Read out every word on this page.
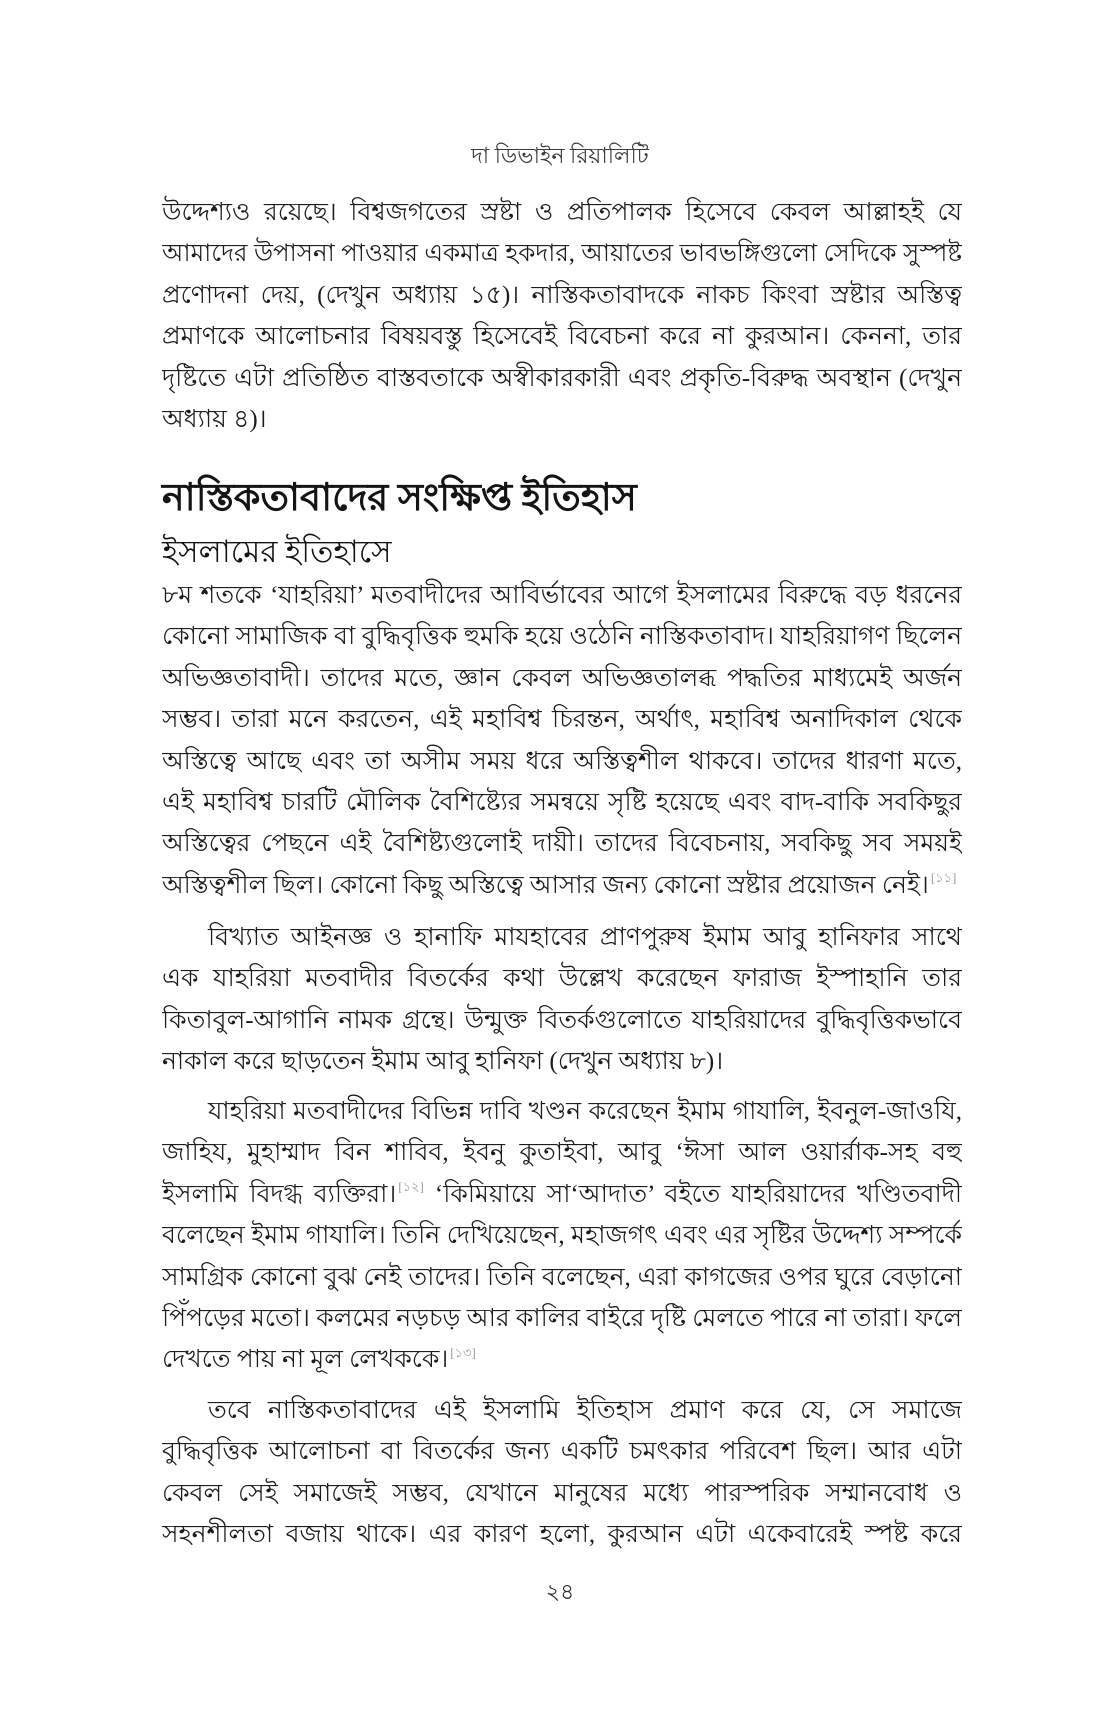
দা ডিভাইন রিয়ালিটি
উদ্দেশ্যও রয়েছে। বিশ্বজগতের স্রষ্টা ও প্রতিপালক হিসেবে কেবল আল্লাহই যে
আমাদের উপাসনা পাওয়ার একমাত্র হকদার, আয়াতের ভাবভঙ্গিগুলো সেদিকে সুস্পষ্ট
প্রণোদনা দেয়, (দেখুন অধ্যায় ১৫)। নাস্তিকতাবাদকে নাকচ কিংবা স্রষ্টার অস্তিত্ব
প্রমাণকে আলোচনার বিষয়বস্তু হিসেবেই বিবেচনা করে না কুরআন। কেননা, তার
দৃষ্টিতে এটা প্রতিষ্ঠিত বাস্তবতাকে অস্বীকারকারী এবং প্রকৃতি-বিরুদ্ধ অবস্থান (দেখুন
অধ্যায় ৪)।
নাস্তিকতাবাদের সংক্ষিপ্ত ইতিহাস
ইসলামের ইতিহাসে
৮ম শতকে ‘যাহরিয়া’ মতবাদীদের আবির্ভাবের আগে ইসলামের বিরুদ্ধে বড় ধরনের
কোনো সামাজিক বা বুদ্ধিবৃত্তিক হুমকি হয়ে ওঠেনি নাস্তিকতাবাদ। যাহরিয়াগণ ছিলেন
অভিজ্ঞতাবাদী। তাদের মতে, জ্ঞান কেবল অভিজ্ঞতালব্ধ পদ্ধতির মাধ্যমেই অর্জন
সম্ভব। তারা মনে করতেন, এই মহাবিশ্ব চিরন্তন, অর্থাৎ, মহাবিশ্ব অনাদিকাল থেকে
অস্তিত্বে আছে এবং তা অসীম সময় ধরে অস্তিত্বশীল থাকবে। তাদের ধারণা মতে,
এই মহাবিশ্ব চারটি মৌলিক বৈশিষ্ট্যের সমন্বয়ে সৃষ্টি হয়েছে এবং বাদ-বাকি সবকিছুর
অস্তিত্বের পেছনে এই বৈশিষ্ট্যগুলোই দায়ী। তাদের বিবেচনায়, সবকিছু সব সময়ই
অস্তিত্বশীল ছিল। কোনো কিছু অস্তিত্বে আসার জন্য কোনো স্রষ্টার প্রয়োজন নেই। [১১]
বিখ্যাত আইনজ্ঞ ও হানাফি মাযহাবের প্রাণপুরুষ ইমাম আবু হানিফার সাথে
এক যাহরিয়া মতবাদীর বিতর্কের কথা উল্লেখ করেছেন ফারাজ ইস্পাহানি তার
কিতাবুল-আগানি নামক গ্রন্থে। উন্মুক্ত বিতর্কগুলোতে যাহরিয়াদের বুদ্ধিবৃত্তিকভাবে
নাকাল করে ছাড়তেন ইমাম আবু হানিফা (দেখুন অধ্যায় ৮)।
যাহরিয়া মতবাদীদের বিভিন্ন দাবি খণ্ডন করেছেন ইমাম গাযালি, ইবনুল-জাওযি,
জাহিয, মুহাম্মাদ বিন শাবিব, ইবনু কুতাইবা, আবু ‘ঈসা আল ওয়ার্রাক-সহ বহু
ইসলামি বিদগ্ধ ব্যক্তিরা। [১২] ‘কিমিয়ায়ে সা‘আদাত’ বইতে যাহরিয়াদের খণ্ডিতবাদী
বলেছেন ইমাম গাযালি। তিনি দেখিয়েছেন, মহাজগৎ এবং এর সৃষ্টির উদ্দেশ্য সম্পর্কে
সামগ্রিক কোনো বুঝ নেই তাদের। তিনি বলেছেন, এরা কাগজের ওপর ঘুরে বেড়ানো
পিঁপড়ের মতো। কলমের নড়চড় আর কালির বাইরে দৃষ্টি মেলতে পারে না তারা। ফলে
দেখতে পায় না মূল লেখককে। [১৩]
তবে নাস্তিকতাবাদের এই ইসলামি ইতিহাস প্রমাণ করে যে, সে সমাজে
বুদ্ধিবৃত্তিক আলোচনা বা বিতর্কের জন্য একটি চমৎকার পরিবেশ ছিল। আর এটা
কেবল সেই সমাজেই সম্ভব, যেখানে মানুষের মধ্যে পারস্পরিক সম্মানবোধ ও
সহনশীলতা বজায় থাকে। এর কারণ হলো, কুরআন এটা একেবারেই স্পষ্ট করে
২৪
